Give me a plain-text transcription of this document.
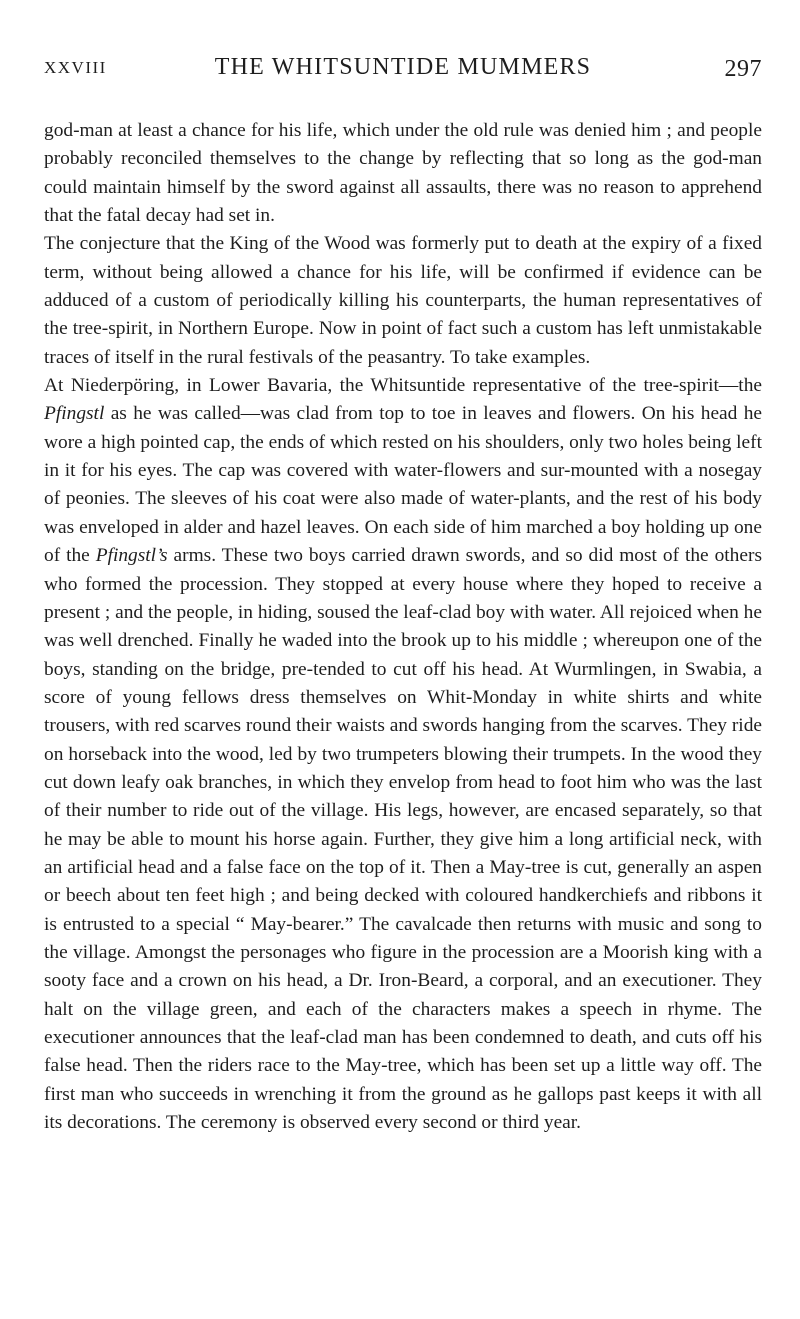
XXVIII	THE WHITSUNTIDE MUMMERS	297

god-man at least a chance for his life, which under the old rule was denied him ; and people probably reconciled themselves to the change by reflecting that so long as the god-man could maintain himself by the sword against all assaults, there was no reason to apprehend that the fatal decay had set in.

The conjecture that the King of the Wood was formerly put to death at the expiry of a fixed term, without being allowed a chance for his life, will be confirmed if evidence can be adduced of a custom of periodically killing his counterparts, the human representatives of the tree-spirit, in Northern Europe. Now in point of fact such a custom has left unmistakable traces of itself in the rural festivals of the peasantry. To take examples.

At Niederpöring, in Lower Bavaria, the Whitsuntide representative of the tree-spirit—the Pfingstl as he was called—was clad from top to toe in leaves and flowers. On his head he wore a high pointed cap, the ends of which rested on his shoulders, only two holes being left in it for his eyes. The cap was covered with water-flowers and sur-mounted with a nosegay of peonies. The sleeves of his coat were also made of water-plants, and the rest of his body was enveloped in alder and hazel leaves. On each side of him marched a boy holding up one of the Pfingstl’s arms. These two boys carried drawn swords, and so did most of the others who formed the procession. They stopped at every house where they hoped to receive a present ; and the people, in hiding, soused the leaf-clad boy with water. All rejoiced when he was well drenched. Finally he waded into the brook up to his middle ; whereupon one of the boys, standing on the bridge, pre-tended to cut off his head. At Wurmlingen, in Swabia, a score of young fellows dress themselves on Whit-Monday in white shirts and white trousers, with red scarves round their waists and swords hanging from the scarves. They ride on horseback into the wood, led by two trumpeters blowing their trumpets. In the wood they cut down leafy oak branches, in which they envelop from head to foot him who was the last of their number to ride out of the village. His legs, however, are encased separately, so that he may be able to mount his horse again. Further, they give him a long artificial neck, with an artificial head and a false face on the top of it. Then a May-tree is cut, generally an aspen or beech about ten feet high ; and being decked with coloured handkerchiefs and ribbons it is entrusted to a special “ May-bearer.” The cavalcade then returns with music and song to the village. Amongst the personages who figure in the procession are a Moorish king with a sooty face and a crown on his head, a Dr. Iron-Beard, a corporal, and an executioner. They halt on the village green, and each of the characters makes a speech in rhyme. The executioner announces that the leaf-clad man has been condemned to death, and cuts off his false head. Then the riders race to the May-tree, which has been set up a little way off. The first man who succeeds in wrenching it from the ground as he gallops past keeps it with all its decorations. The ceremony is observed every second or third year.
